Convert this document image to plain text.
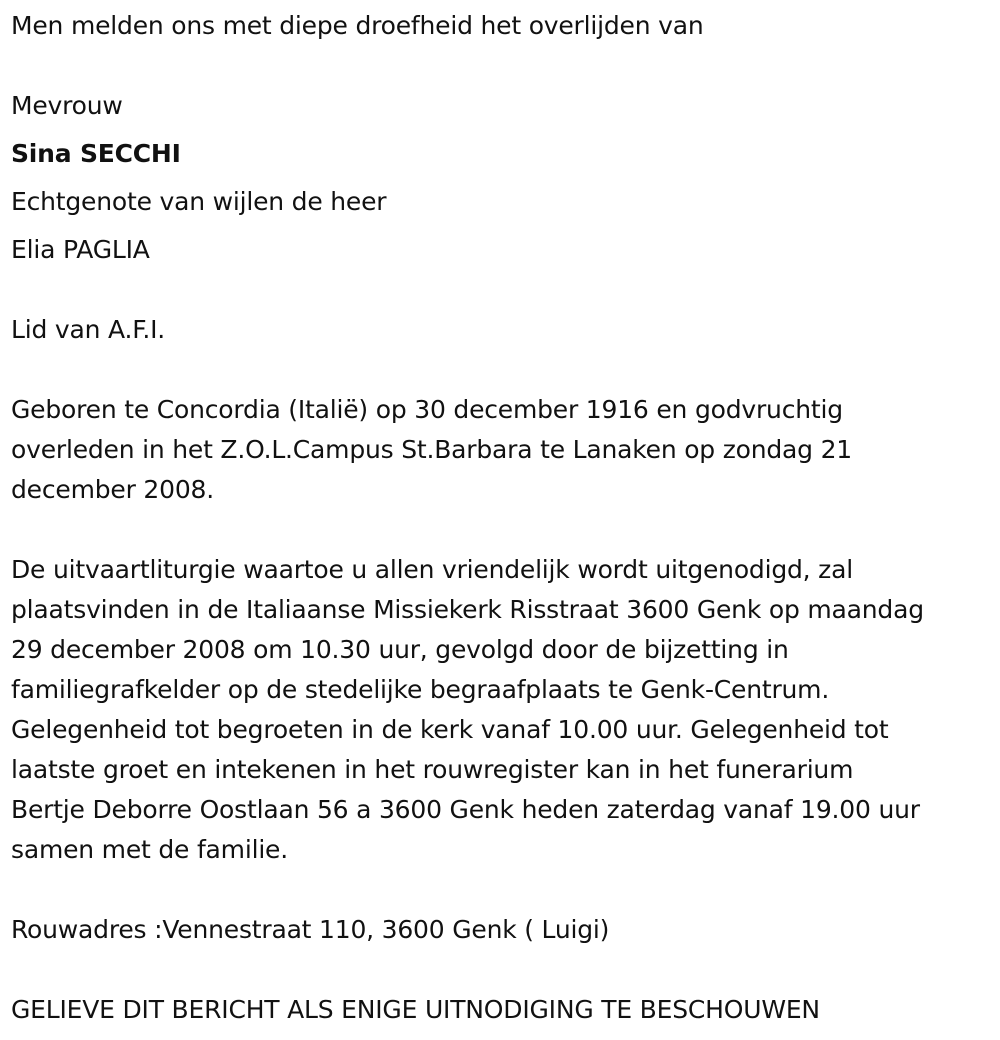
Men melden ons met diepe droefheid het overlijden van
Mevrouw
Sina SECCHI
Echtgenote van wijlen de heer
Elia PAGLIA
Lid van A.F.I.
Geboren te Concordia (Italië) op 30 december 1916 en godvruchtig
overleden in het Z.O.L.Campus St.Barbara te Lanaken op zondag 21
december 2008.
De uitvaartliturgie waartoe u allen vriendelijk wordt uitgenodigd, zal
plaatsvinden in de Italiaanse Missiekerk Risstraat 3600 Genk op maandag
29 december 2008 om 10.30 uur, gevolgd door de bijzetting in
familiegrafkelder op de stedelijke begraafplaats te Genk-Centrum.
Gelegenheid tot begroeten in de kerk vanaf 10.00 uur. Gelegenheid tot
laatste groet en intekenen in het rouwregister kan in het funerarium
Bertje Deborre Oostlaan 56 a 3600 Genk heden zaterdag vanaf 19.00 uur
samen met de familie.
Rouwadres :Vennestraat 110, 3600 Genk ( Luigi)
GELIEVE DIT BERICHT ALS ENIGE UITNODIGING TE BESCHOUWEN
